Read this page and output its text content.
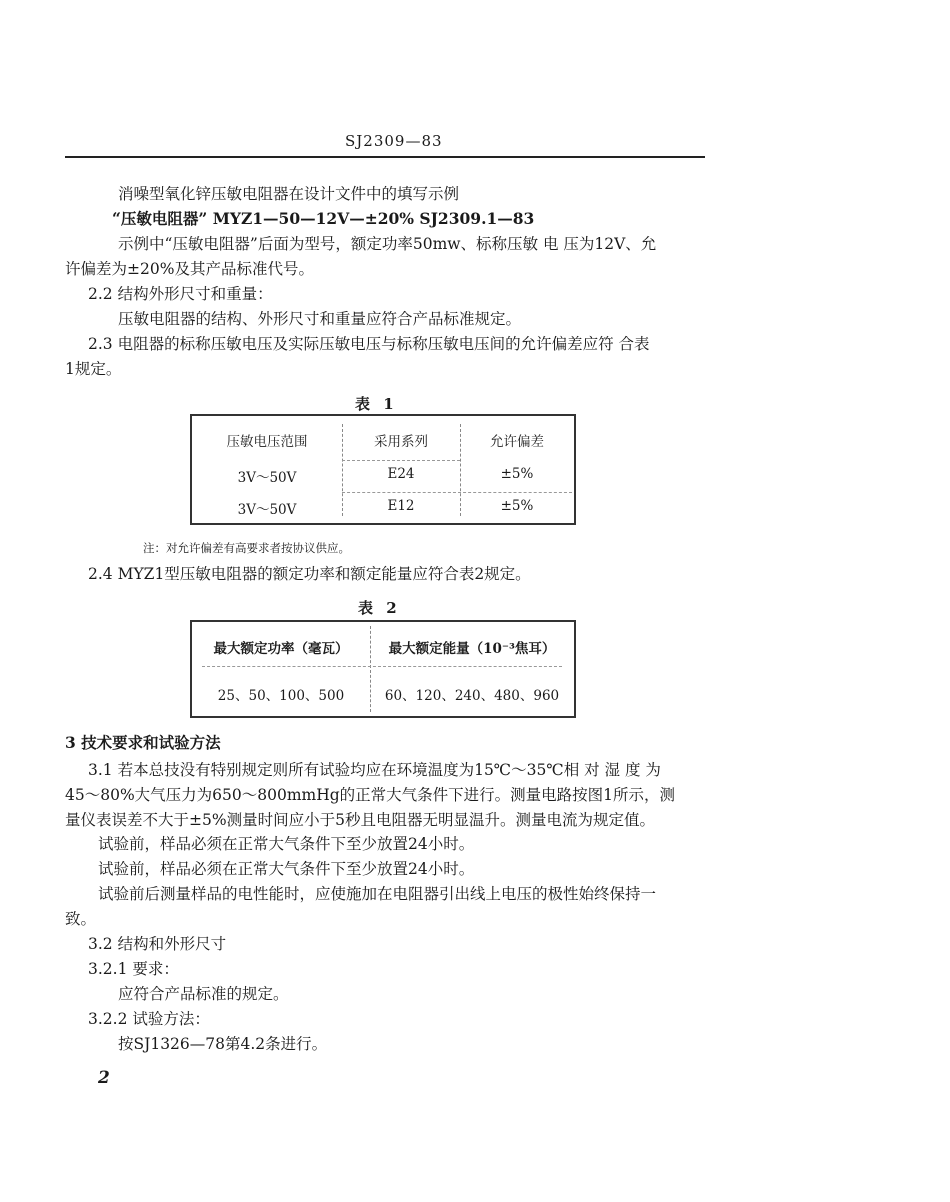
SJ2309—83
消噪型氧化锌压敏电阻器在设计文件中的填写示例
“压敏电阻器” MYZ1—50—12V—±20% SJ2309.1—83
示例中“压敏电阻器”后面为型号，额定功率50mw、标称压敏 电 压为12V、允
许偏差为±20%及其产品标准代号。
2.2 结构外形尺寸和重量：
压敏电阻器的结构、外形尺寸和重量应符合产品标准规定。
2.3 电阻器的标称压敏电压及实际压敏电压与标称压敏电压间的允许偏差应符 合表
1规定。
表 1
压敏电压范围	采用系列	允许偏差
3V～50V	E24	±5%
3V～50V	E12	±5%
注：对允许偏差有高要求者按协议供应。
2.4 MYZ1型压敏电阻器的额定功率和额定能量应符合表2规定。
表 2
最大额定功率（毫瓦）	最大额定能量（10⁻³焦耳）
25、50、100、500	60、120、240、480、960
3 技术要求和试验方法
3.1 若本总技没有特别规定则所有试验均应在环境温度为15℃～35℃相 对 湿 度 为
45～80%大气压力为650～800mmHg的正常大气条件下进行。测量电路按图1所示，测
量仪表误差不大于±5%测量时间应小于5秒且电阻器无明显温升。测量电流为规定值。
试验前，样品必须在正常大气条件下至少放置24小时。
试验前，样品必须在正常大气条件下至少放置24小时。
试验前后测量样品的电性能时，应使施加在电阻器引出线上电压的极性始终保持一
致。
3.2 结构和外形尺寸
3.2.1 要求：
应符合产品标准的规定。
3.2.2 试验方法：
按SJ1326—78第4.2条进行。
2
